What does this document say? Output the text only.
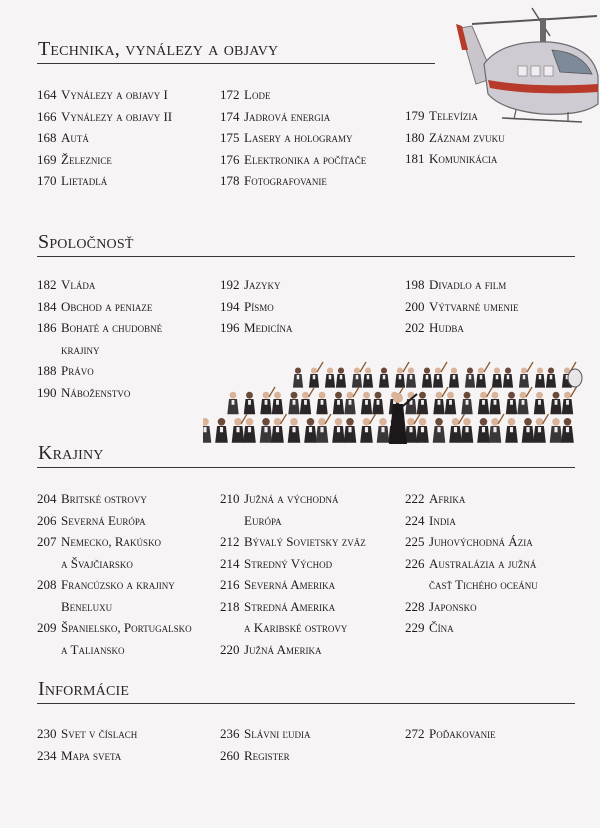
Technika, vynálezy a objavy
164 Vynálezy a objavy I
166 Vynálezy a objavy II
168 Autá
169 Železnice
170 Lietadlá
172 Lode
174 Jadrová energia
175 Lasery a hologramy
176 Elektronika a počítače
178 Fotografovanie
179 Televízia
180 Záznam zvuku
181 Komunikácia
Spoločnosť
182 Vláda
184 Obchod a peniaze
186 Bohaté a chudobné
krajiny
188 Právo
190 Náboženstvo
192 Jazyky
194 Písmo
196 Medicína
198 Divadlo a film
200 Výtvarné umenie
202 Hudba
Krajiny
204 Britské ostrovy
206 Severná Európa
207 Nemecko, Rakúsko
a Švajčiarsko
208 Francúzsko a krajiny
Beneluxu
209 Španielsko, Portugalsko
a Taliansko
210 Južná a východná
Európa
212 Bývalý Sovietsky zväz
214 Stredný Východ
216 Severná Amerika
218 Stredná Amerika
a Karibské ostrovy
220 Južná Amerika
222 Afrika
224 India
225 Juhovýchodná Ázia
226 Australázia a južná
časť Tichého oceánu
228 Japonsko
229 Čína
Informácie
230 Svet v číslach
234 Mapa sveta
236 Slávni ľudia
260 Register
272 Poďakovanie
